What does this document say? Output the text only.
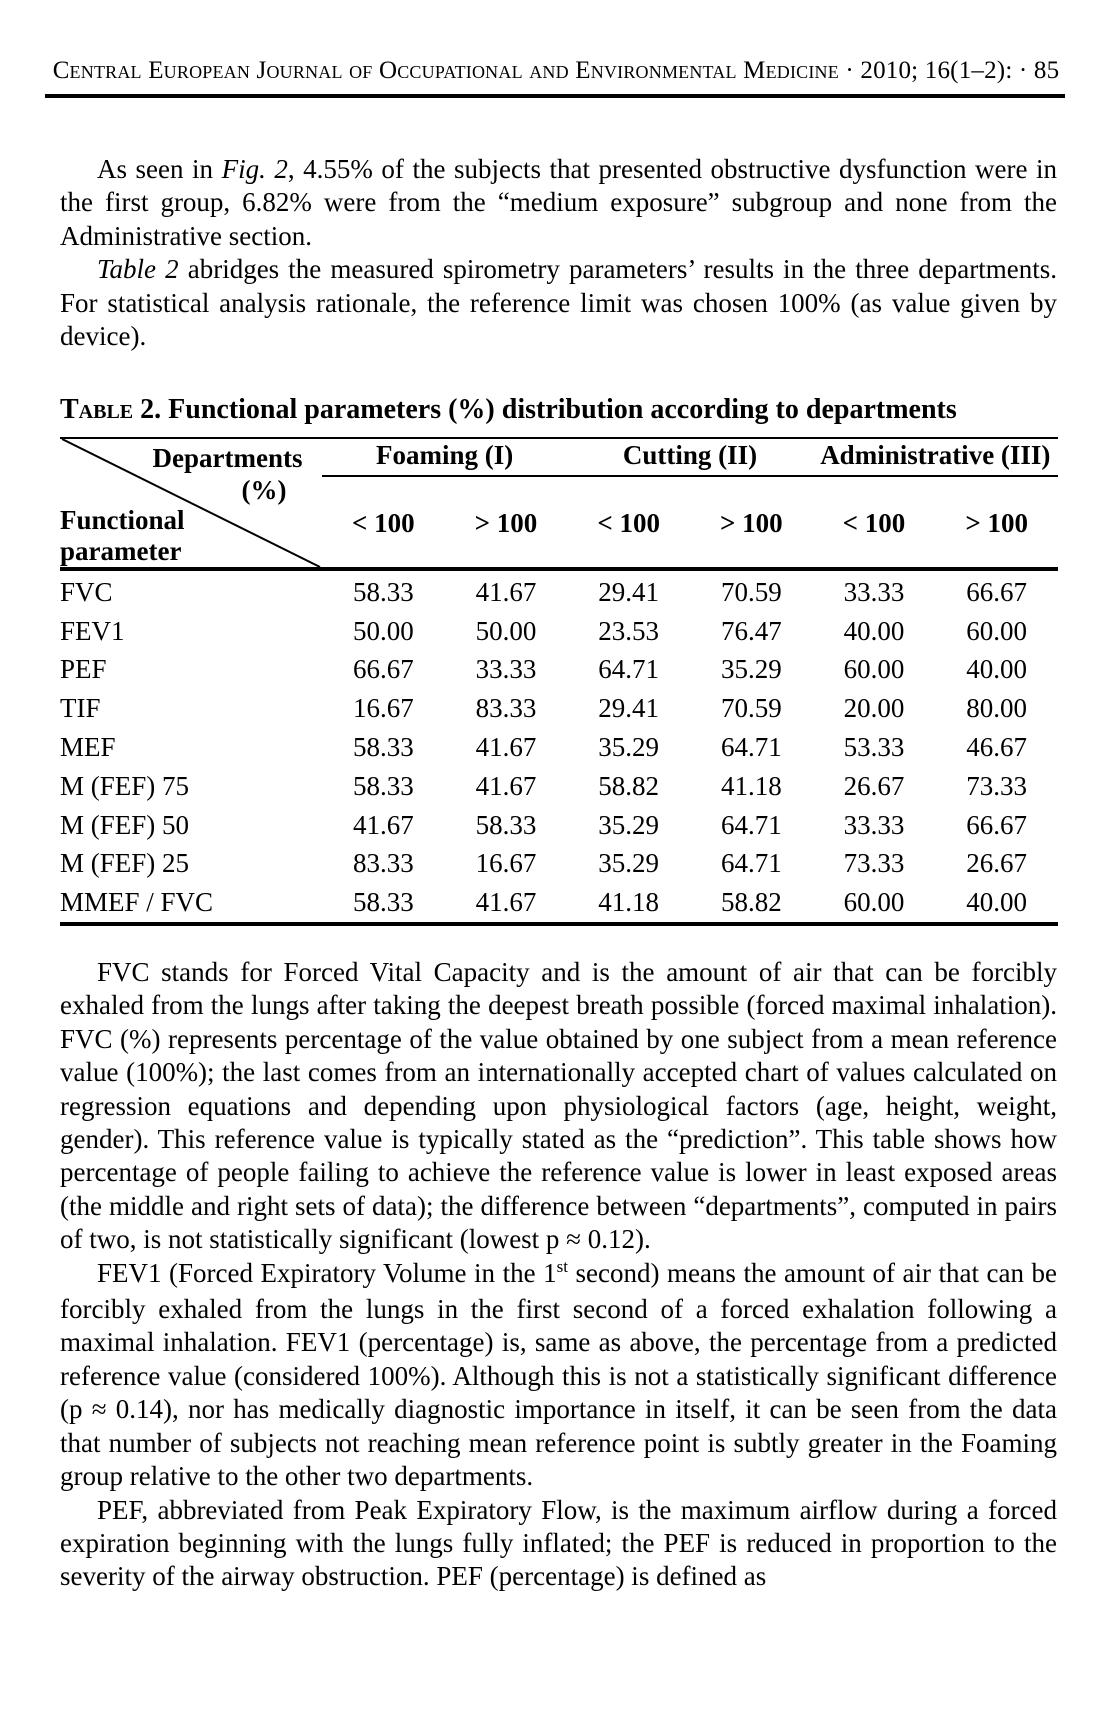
Central European Journal of Occupational and Environmental Medicine · 2010; 16(1–2): · 85

As seen in Fig. 2, 4.55% of the subjects that presented obstructive dysfunction were in the first group, 6.82% were from the “medium exposure” subgroup and none from the Administrative section.

Table 2 abridges the measured spirometry parameters’ results in the three departments. For statistical analysis rationale, the reference limit was chosen 100% (as value given by device).

Table 2. Functional parameters (%) distribution according to departments
Departments
(%)
Functional
parameter
Foaming (I)	Cutting (II)	Administrative (III)
< 100	> 100	< 100	> 100	< 100	> 100
FVC	58.33	41.67	29.41	70.59	33.33	66.67
FEV1	50.00	50.00	23.53	76.47	40.00	60.00
PEF	66.67	33.33	64.71	35.29	60.00	40.00
TIF	16.67	83.33	29.41	70.59	20.00	80.00
MEF	58.33	41.67	35.29	64.71	53.33	46.67
M (FEF) 75	58.33	41.67	58.82	41.18	26.67	73.33
M (FEF) 50	41.67	58.33	35.29	64.71	33.33	66.67
M (FEF) 25	83.33	16.67	35.29	64.71	73.33	26.67
MMEF / FVC	58.33	41.67	41.18	58.82	60.00	40.00

FVC stands for Forced Vital Capacity and is the amount of air that can be forcibly exhaled from the lungs after taking the deepest breath possible (forced maximal inhalation). FVC (%) represents percentage of the value obtained by one subject from a mean reference value (100%); the last comes from an internationally accepted chart of values calculated on regression equations and depending upon physiological factors (age, height, weight, gender). This reference value is typically stated as the “prediction”. This table shows how percentage of people failing to achieve the reference value is lower in least exposed areas (the middle and right sets of data); the difference between “departments”, computed in pairs of two, is not statistically significant (lowest p ≈ 0.12).

FEV1 (Forced Expiratory Volume in the 1st second) means the amount of air that can be forcibly exhaled from the lungs in the first second of a forced exhalation following a maximal inhalation. FEV1 (percentage) is, same as above, the percentage from a predicted reference value (considered 100%). Although this is not a statistically significant difference (p ≈ 0.14), nor has medically diagnostic importance in itself, it can be seen from the data that number of subjects not reaching mean reference point is subtly greater in the Foaming group relative to the other two departments.

PEF, abbreviated from Peak Expiratory Flow, is the maximum airflow during a forced expiration beginning with the lungs fully inflated; the PEF is reduced in proportion to the severity of the airway obstruction. PEF (percentage) is defined as
